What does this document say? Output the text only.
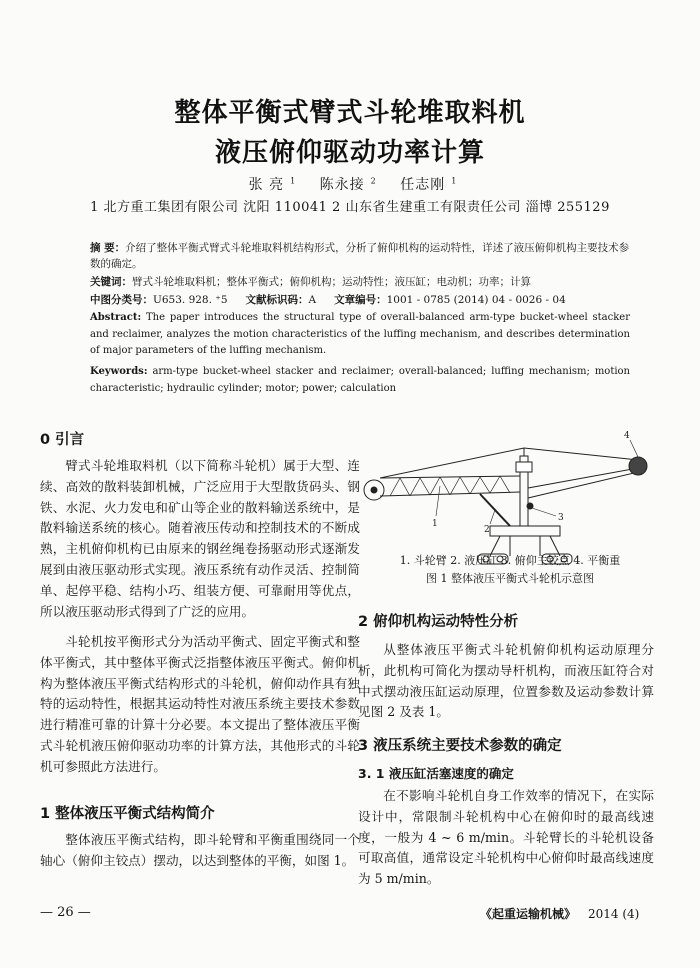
整体平衡式臂式斗轮堆取料机
液压俯仰驱动功率计算
张 亮 $^1$ 陈永接 $^2$ 任志刚 $^1$
1 北方重工集团有限公司 沈阳 110041 2 山东省生建重工有限责任公司 淄博 255129
摘 要：介绍了整体平衡式臂式斗轮堆取料机结构形式，分析了俯仰机构的运动特性，详述了液压俯仰机构主要技术参数的确定。
关键词：臂式斗轮堆取料机；整体平衡式；俯仰机构；运动特性；液压缸；电动机；功率；计算
中图分类号：U653. 928. ⁺5 文献标识码：A 文章编号：1001 - 0785 (2014) 04 - 0026 - 04
Abstract: The paper introduces the structural type of overall-balanced arm-type bucket-wheel stacker and reclaimer, analyzes the motion characteristics of the luffing mechanism, and describes determination of major parameters of the luffing mechanism.
Keywords: arm-type bucket-wheel stacker and reclaimer; overall-balanced; luffing mechanism; motion characteristic; hydraulic cylinder; motor; power; calculation
0 引言
臂式斗轮堆取料机（以下简称斗轮机）属于大型、连续、高效的散料装卸机械，广泛应用于大型散货码头、钢铁、水泥、火力发电和矿山等企业的散料输送系统中，是散料输送系统的核心。随着液压传动和控制技术的不断成熟，主机俯仰机构已由原来的钢丝绳卷扬驱动形式逐渐发展到由液压驱动形式实现。液压系统有动作灵活、控制简单、起停平稳、结构小巧、组装方便、可靠耐用等优点，所以液压驱动形式得到了广泛的应用。
斗轮机按平衡形式分为活动平衡式、固定平衡式和整体平衡式，其中整体平衡式泛指整体液压平衡式。俯仰机构为整体液压平衡式结构形式的斗轮机，俯仰动作具有独特的运动特性，根据其运动特性对液压系统主要技术参数进行精准可靠的计算十分必要。本文提出了整体液压平衡式斗轮机液压俯仰驱动功率的计算方法，其他形式的斗轮机可参照此方法进行。
1 整体液压平衡式结构简介
整体液压平衡式结构，即斗轮臂和平衡重围绕同一个轴心（俯仰主铰点）摆动，以达到整体的平衡，如图 1。
1
2
3
4
1. 斗轮臂 2. 液压缸 3. 俯仰主铰点 4. 平衡重
图 1 整体液压平衡式斗轮机示意图
2 俯仰机构运动特性分析
从整体液压平衡式斗轮机俯仰机构运动原理分析，此机构可简化为摆动导杆机构，而液压缸符合对中式摆动液压缸运动原理，位置参数及运动参数计算见图 2 及表 1。
3 液压系统主要技术参数的确定
3. 1 液压缸活塞速度的确定
在不影响斗轮机自身工作效率的情况下，在实际设计中，常限制斗轮机构中心在俯仰时的最高线速度，一般为 4 ~ 6 m/min。斗轮臂长的斗轮机设备可取高值，通常设定斗轮机构中心俯仰时最高线速度为 5 m/min。
— 26 —	《起重运输机械》 2014 (4)
